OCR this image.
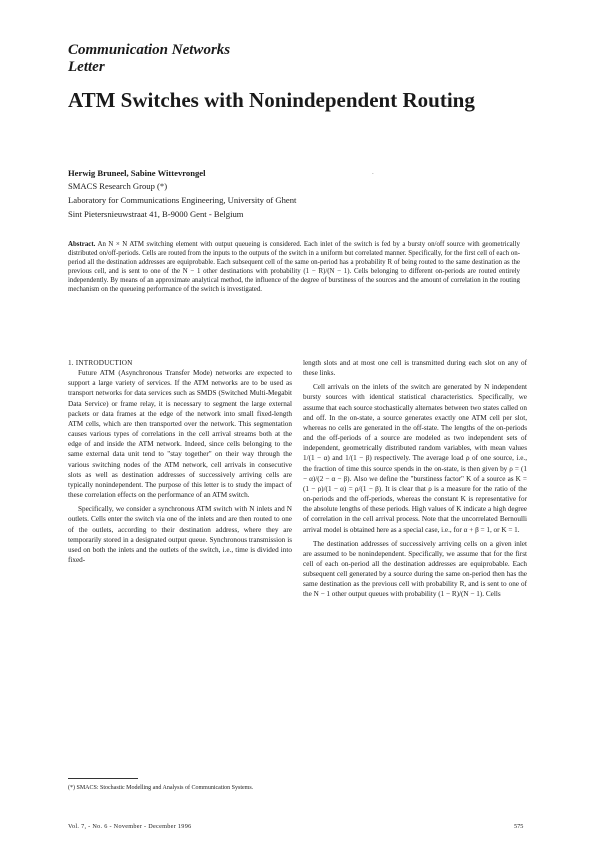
Communication Networks
Letter
ATM Switches with Nonindependent Routing
Herwig Bruneel, Sabine Wittevrongel	.
SMACS Research Group (*)
Laboratory for Communications Engineering, University of Ghent
Sint Pietersnieuwstraat 41, B-9000 Gent - Belgium
Abstract. An N × N ATM switching element with output queueing is considered. Each inlet of the switch is fed by a bursty on/off source with geometrically distributed on/off-periods. Cells are routed from the inputs to the outputs of the switch in a uniform but correlated manner. Specifically, for the first cell of each on-period all the destination addresses are equiprobable. Each subsequent cell of the same on-period has a probability R of being routed to the same destination as the previous cell, and is sent to one of the N − 1 other destinations with probability (1 − R)/(N − 1). Cells belonging to different on-periods are routed entirely independently. By means of an approximate analytical method, the influence of the degree of burstiness of the sources and the amount of correlation in the routing mechanism on the queueing performance of the switch is investigated.

1. INTRODUCTION

Future ATM (Asynchronous Transfer Mode) networks are expected to support a large variety of services. If the ATM networks are to be used as transport networks for data services such as SMDS (Switched Multi-Megabit Data Service) or frame relay, it is necessary to segment the large external packets or data frames at the edge of the network into small fixed-length ATM cells, which are then transported over the network. This segmentation causes various types of correlations in the cell arrival streams both at the edge of and inside the ATM network. Indeed, since cells belonging to the same external data unit tend to "stay together" on their way through the various switching nodes of the ATM network, cell arrivals in consecutive slots as well as destination addresses of successively arriving cells are typically nonindependent. The purpose of this letter is to study the impact of these correlation effects on the performance of an ATM switch.

Specifically, we consider a synchronous ATM switch with N inlets and N outlets. Cells enter the switch via one of the inlets and are then routed to one of the outlets, according to their destination address, where they are temporarily stored in a designated output queue. Synchronous transmission is used on both the inlets and the outlets of the switch, i.e., time is divided into fixed-

length slots and at most one cell is transmitted during each slot on any of these links.

Cell arrivals on the inlets of the switch are generated by N independent bursty sources with identical statistical characteristics. Specifically, we assume that each source stochastically alternates between two states called on and off. In the on-state, a source generates exactly one ATM cell per slot, whereas no cells are generated in the off-state. The lengths of the on-periods and the off-periods of a source are modeled as two independent sets of independent, geometrically distributed random variables, with mean values 1/(1 − α) and 1/(1 − β) respectively. The average load ρ of one source, i.e., the fraction of time this source spends in the on-state, is then given by ρ = (1 − α)/(2 − α − β). Also we define the "burstiness factor" K of a source as K = (1 − ρ)/(1 − α) = ρ/(1 − β). It is clear that ρ is a measure for the ratio of the on-periods and the off-periods, whereas the constant K is representative for the absolute lengths of these periods. High values of K indicate a high degree of correlation in the cell arrival process. Note that the uncorrelated Bernoulli arrival model is obtained here as a special case, i.e., for α + β = 1, or K = 1.

The destination addresses of successively arriving cells on a given inlet are assumed to be nonindependent. Specifically, we assume that for the first cell of each on-period all the destination addresses are equiprobable. Each subsequent cell generated by a source during the same on-period then has the same destination as the previous cell with probability R, and is sent to one of the N − 1 other output queues with probability (1 − R)/(N − 1). Cells

(*) SMACS: Stochastic Modelling and Analysis of Communication Systems.
Vol. 7, - No. 6 - November - December 1996	575
